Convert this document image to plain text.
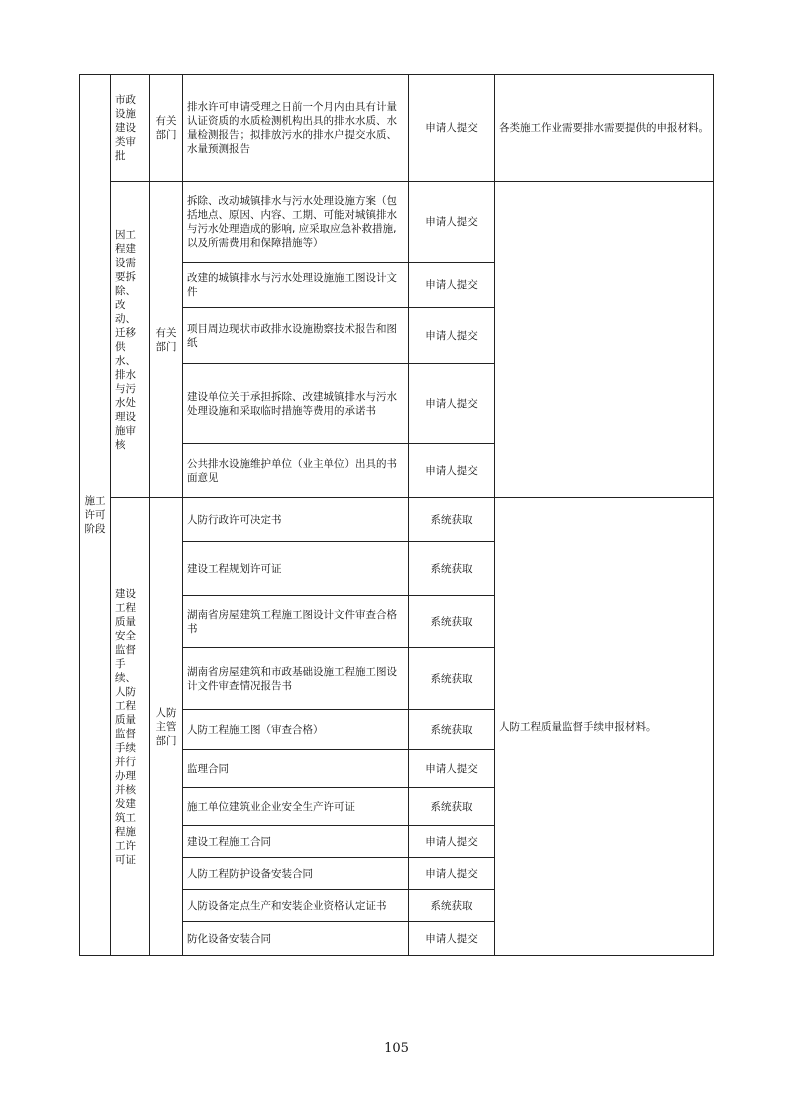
施工许可阶段	市政设施建设类审批	有关部门	排水许可申请受理之日前一个月内由具有计量认证资质的水质检测机构出具的排水水质、水量检测报告；拟排放污水的排水户提交水质、水量预测报告	申请人提交	各类施工作业需要排水需要提供的申报材料。
	因工程建设需要拆除、改动、迁移供水、排水与污水处理设施审核	有关部门	拆除、改动城镇排水与污水处理设施方案（包括地点、原因、内容、工期、可能对城镇排水与污水处理造成的影响, 应采取应急补救措施, 以及所需费用和保障措施等）	申请人提交	
			改建的城镇排水与污水处理设施施工图设计文件	申请人提交	
			项目周边现状市政排水设施勘察技术报告和图纸	申请人提交	
			建设单位关于承担拆除、改建城镇排水与污水处理设施和采取临时措施等费用的承诺书	申请人提交	
			公共排水设施维护单位（业主单位）出具的书面意见	申请人提交	
	建设工程质量安全监督手续、人防工程质量监督手续并行办理并核发建筑工程施工许可证	人防主管部门	人防行政许可决定书	系统获取	人防工程质量监督手续申报材料。
			建设工程规划许可证	系统获取	
			湖南省房屋建筑工程施工图设计文件审查合格书	系统获取	
			湖南省房屋建筑和市政基础设施工程施工图设计文件审查情况报告书	系统获取	
			人防工程施工图（审查合格）	系统获取	
			监理合同	申请人提交	
			施工单位建筑业企业安全生产许可证	系统获取	
			建设工程施工合同	申请人提交	
			人防工程防护设备安装合同	申请人提交	
			人防设备定点生产和安装企业资格认定证书	系统获取	
			防化设备安装合同	申请人提交	
105
